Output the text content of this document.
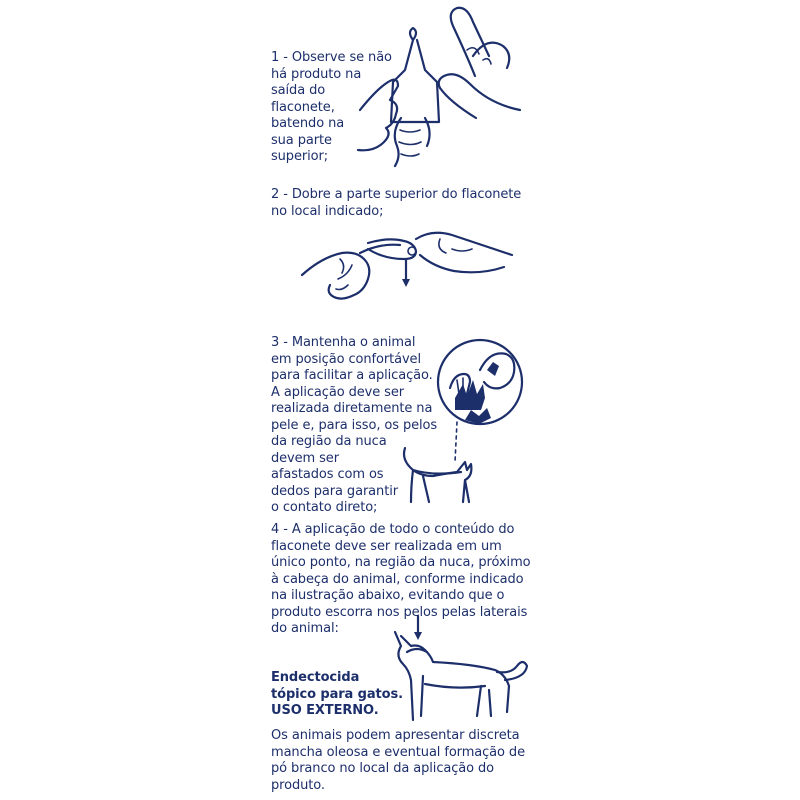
1 - Observe se não
há produto na
saída do
flaconete,
batendo na
sua parte
superior;
2 - Dobre a parte superior do flaconete
no local indicado;
3 - Mantenha o animal
em posição confortável
para facilitar a aplicação.
A aplicação deve ser
realizada diretamente na
pele e, para isso, os pelos
da região da nuca
devem ser
afastados com os
dedos para garantir
o contato direto;
4 - A aplicação de todo o conteúdo do
flaconete deve ser realizada em um
único ponto, na região da nuca, próximo
à cabeça do animal, conforme indicado
na ilustração abaixo, evitando que o
produto escorra nos pelos pelas laterais
do animal:
Endectocida
tópico para gatos.
USO EXTERNO.
Os animais podem apresentar discreta
mancha oleosa e eventual formação de
pó branco no local da aplicação do
produto.
